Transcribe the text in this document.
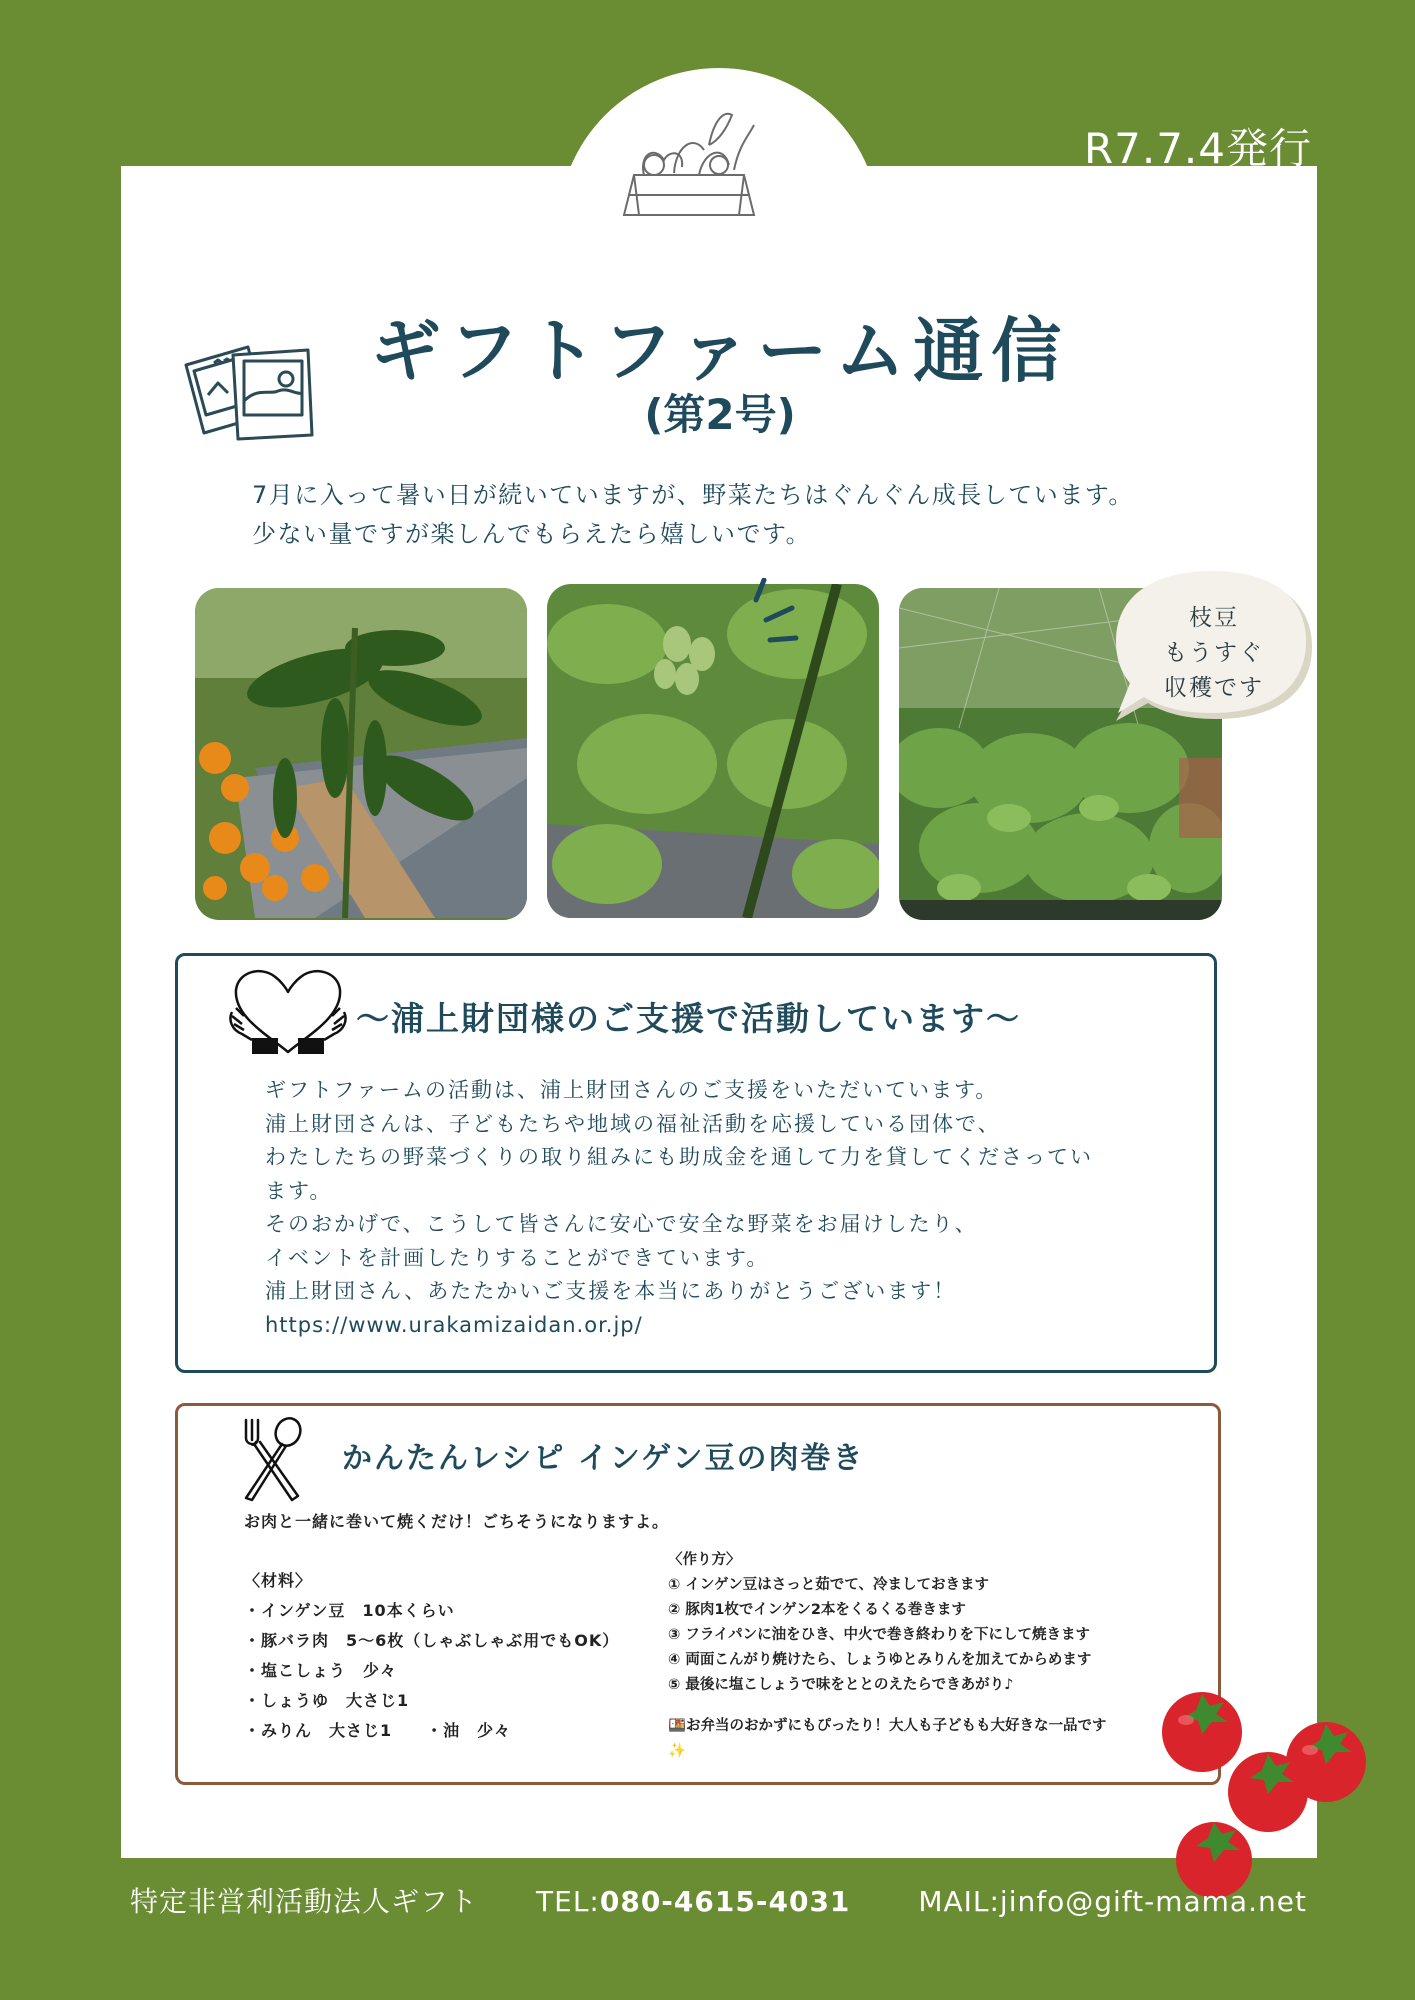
R7.7.4発行
ギフトファーム通信
(第2号)
7月に入って暑い日が続いていますが、野菜たちはぐんぐん成長しています。
少ない量ですが楽しんでもらえたら嬉しいです。
枝豆
もうすぐ
収穫です
〜浦上財団様のご支援で活動しています〜
ギフトファームの活動は、浦上財団さんのご支援をいただいています。
浦上財団さんは、子どもたちや地域の福祉活動を応援している団体で、
わたしたちの野菜づくりの取り組みにも助成金を通して力を貸してくださってい
ます。
そのおかげで、こうして皆さんに安心で安全な野菜をお届けしたり、
イベントを計画したりすることができています。
浦上財団さん、あたたかいご支援を本当にありがとうございます！
https://www.urakamizaidan.or.jp/
かんたんレシピ インゲン豆の肉巻き
お肉と一緒に巻いて焼くだけ！ごちそうになりますよ。
〈材料〉
・インゲン豆　10本くらい
・豚バラ肉　5〜6枚（しゃぶしゃぶ用でもOK）
・塩こしょう　少々
・しょうゆ　大さじ1
・みりん　大さじ1　　・油　少々
〈作り方〉
① インゲン豆はさっと茹でて、冷ましておきます
② 豚肉1枚でインゲン2本をくるくる巻きます
③ フライパンに油をひき、中火で巻き終わりを下にして焼きます
④ 両面こんがり焼けたら、しょうゆとみりんを加えてからめます
⑤ 最後に塩こしょうで味をととのえたらできあがり♪
🍱お弁当のおかずにもぴったり！大人も子どもも大好きな一品です
✨
特定非営利活動法人ギフト　　 TEL:080-4615-4031　　 MAIL:jinfo@gift-mama.net
